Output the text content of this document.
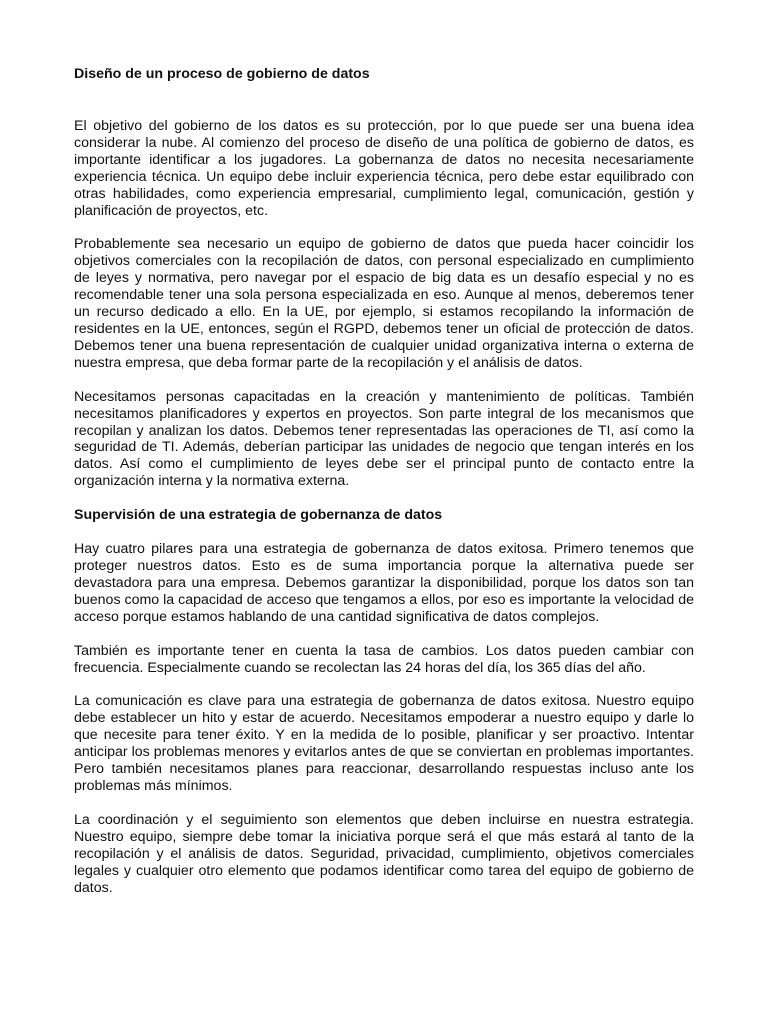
Diseño de un proceso de gobierno de datos

El objetivo del gobierno de los datos es su protección, por lo que puede ser una buena idea considerar la nube. Al comienzo del proceso de diseño de una política de gobierno de datos, es importante identificar a los jugadores. La gobernanza de datos no necesita necesariamente experiencia técnica. Un equipo debe incluir experiencia técnica, pero debe estar equilibrado con otras habilidades, como experiencia empresarial, cumplimiento legal, comunicación, gestión y planificación de proyectos, etc.

Probablemente sea necesario un equipo de gobierno de datos que pueda hacer coincidir los objetivos comerciales con la recopilación de datos, con personal especializado en cumplimiento de leyes y normativa, pero navegar por el espacio de big data es un desafío especial y no es recomendable tener una sola persona especializada en eso. Aunque al menos, deberemos tener un recurso dedicado a ello. En la UE, por ejemplo, si estamos recopilando la información de residentes en la UE, entonces, según el RGPD, debemos tener un oficial de protección de datos. Debemos tener una buena representación de cualquier unidad organizativa interna o externa de nuestra empresa, que deba formar parte de la recopilación y el análisis de datos.

Necesitamos personas capacitadas en la creación y mantenimiento de políticas. También necesitamos planificadores y expertos en proyectos. Son parte integral de los mecanismos que recopilan y analizan los datos. Debemos tener representadas las operaciones de TI, así como la seguridad de TI. Además, deberían participar las unidades de negocio que tengan interés en los datos. Así como el cumplimiento de leyes debe ser el principal punto de contacto entre la organización interna y la normativa externa.

Supervisión de una estrategia de gobernanza de datos

Hay cuatro pilares para una estrategia de gobernanza de datos exitosa. Primero tenemos que proteger nuestros datos. Esto es de suma importancia porque la alternativa puede ser devastadora para una empresa. Debemos garantizar la disponibilidad, porque los datos son tan buenos como la capacidad de acceso que tengamos a ellos, por eso es importante la velocidad de acceso porque estamos hablando de una cantidad significativa de datos complejos.

También es importante tener en cuenta la tasa de cambios. Los datos pueden cambiar con frecuencia. Especialmente cuando se recolectan las 24 horas del día, los 365 días del año.

La comunicación es clave para una estrategia de gobernanza de datos exitosa. Nuestro equipo debe establecer un hito y estar de acuerdo. Necesitamos empoderar a nuestro equipo y darle lo que necesite para tener éxito. Y en la medida de lo posible, planificar y ser proactivo. Intentar anticipar los problemas menores y evitarlos antes de que se conviertan en problemas importantes. Pero también necesitamos planes para reaccionar, desarrollando respuestas incluso ante los problemas más mínimos.

La coordinación y el seguimiento son elementos que deben incluirse en nuestra estrategia. Nuestro equipo, siempre debe tomar la iniciativa porque será el que más estará al tanto de la recopilación y el análisis de datos. Seguridad, privacidad, cumplimiento, objetivos comerciales legales y cualquier otro elemento que podamos identificar como tarea del equipo de gobierno de datos.
